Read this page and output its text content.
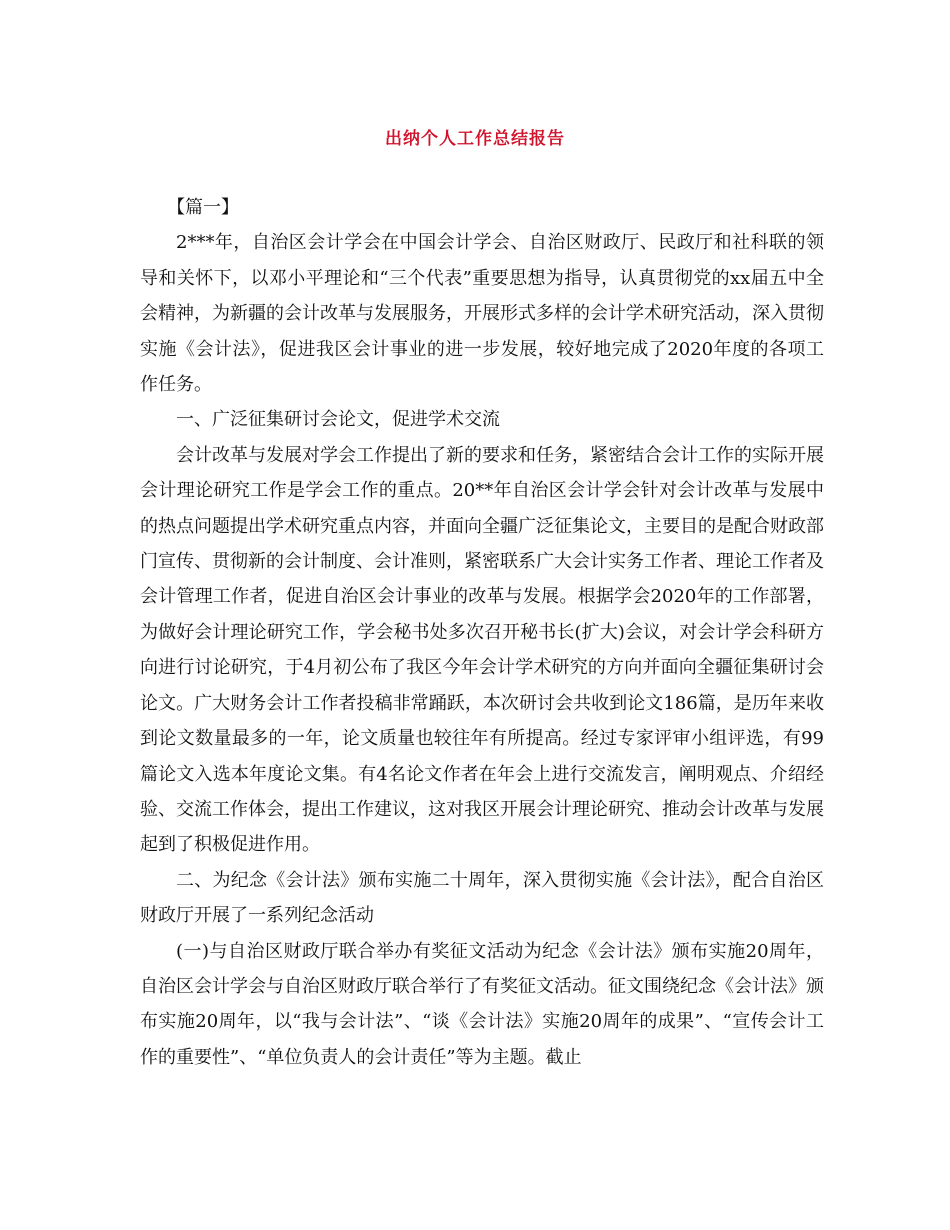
出纳个人工作总结报告

【篇一】

2***年，自治区会计学会在中国会计学会、自治区财政厅、民政厅和社科联的领导和关怀下，以邓小平理论和“三个代表”重要思想为指导，认真贯彻党的xx届五中全会精神，为新疆的会计改革与发展服务，开展形式多样的会计学术研究活动，深入贯彻实施《会计法》，促进我区会计事业的进一步发展，较好地完成了2020年度的各项工作任务。

一、广泛征集研讨会论文，促进学术交流

会计改革与发展对学会工作提出了新的要求和任务，紧密结合会计工作的实际开展会计理论研究工作是学会工作的重点。20**年自治区会计学会针对会计改革与发展中的热点问题提出学术研究重点内容，并面向全疆广泛征集论文，主要目的是配合财政部门宣传、贯彻新的会计制度、会计准则，紧密联系广大会计实务工作者、理论工作者及会计管理工作者，促进自治区会计事业的改革与发展。根据学会2020年的工作部署，为做好会计理论研究工作，学会秘书处多次召开秘书长(扩大)会议，对会计学会科研方向进行讨论研究，于4月初公布了我区今年会计学术研究的方向并面向全疆征集研讨会论文。广大财务会计工作者投稿非常踊跃，本次研讨会共收到论文186篇，是历年来收到论文数量最多的一年，论文质量也较往年有所提高。经过专家评审小组评选，有99篇论文入选本年度论文集。有4名论文作者在年会上进行交流发言，阐明观点、介绍经验、交流工作体会，提出工作建议，这对我区开展会计理论研究、推动会计改革与发展起到了积极促进作用。

二、为纪念《会计法》颁布实施二十周年，深入贯彻实施《会计法》，配合自治区财政厅开展了一系列纪念活动

(一)与自治区财政厅联合举办有奖征文活动为纪念《会计法》颁布实施20周年，自治区会计学会与自治区财政厅联合举行了有奖征文活动。征文围绕纪念《会计法》颁布实施20周年，以“我与会计法”、“谈《会计法》实施20周年的成果”、“宣传会计工作的重要性”、“单位负责人的会计责任”等为主题。截止
